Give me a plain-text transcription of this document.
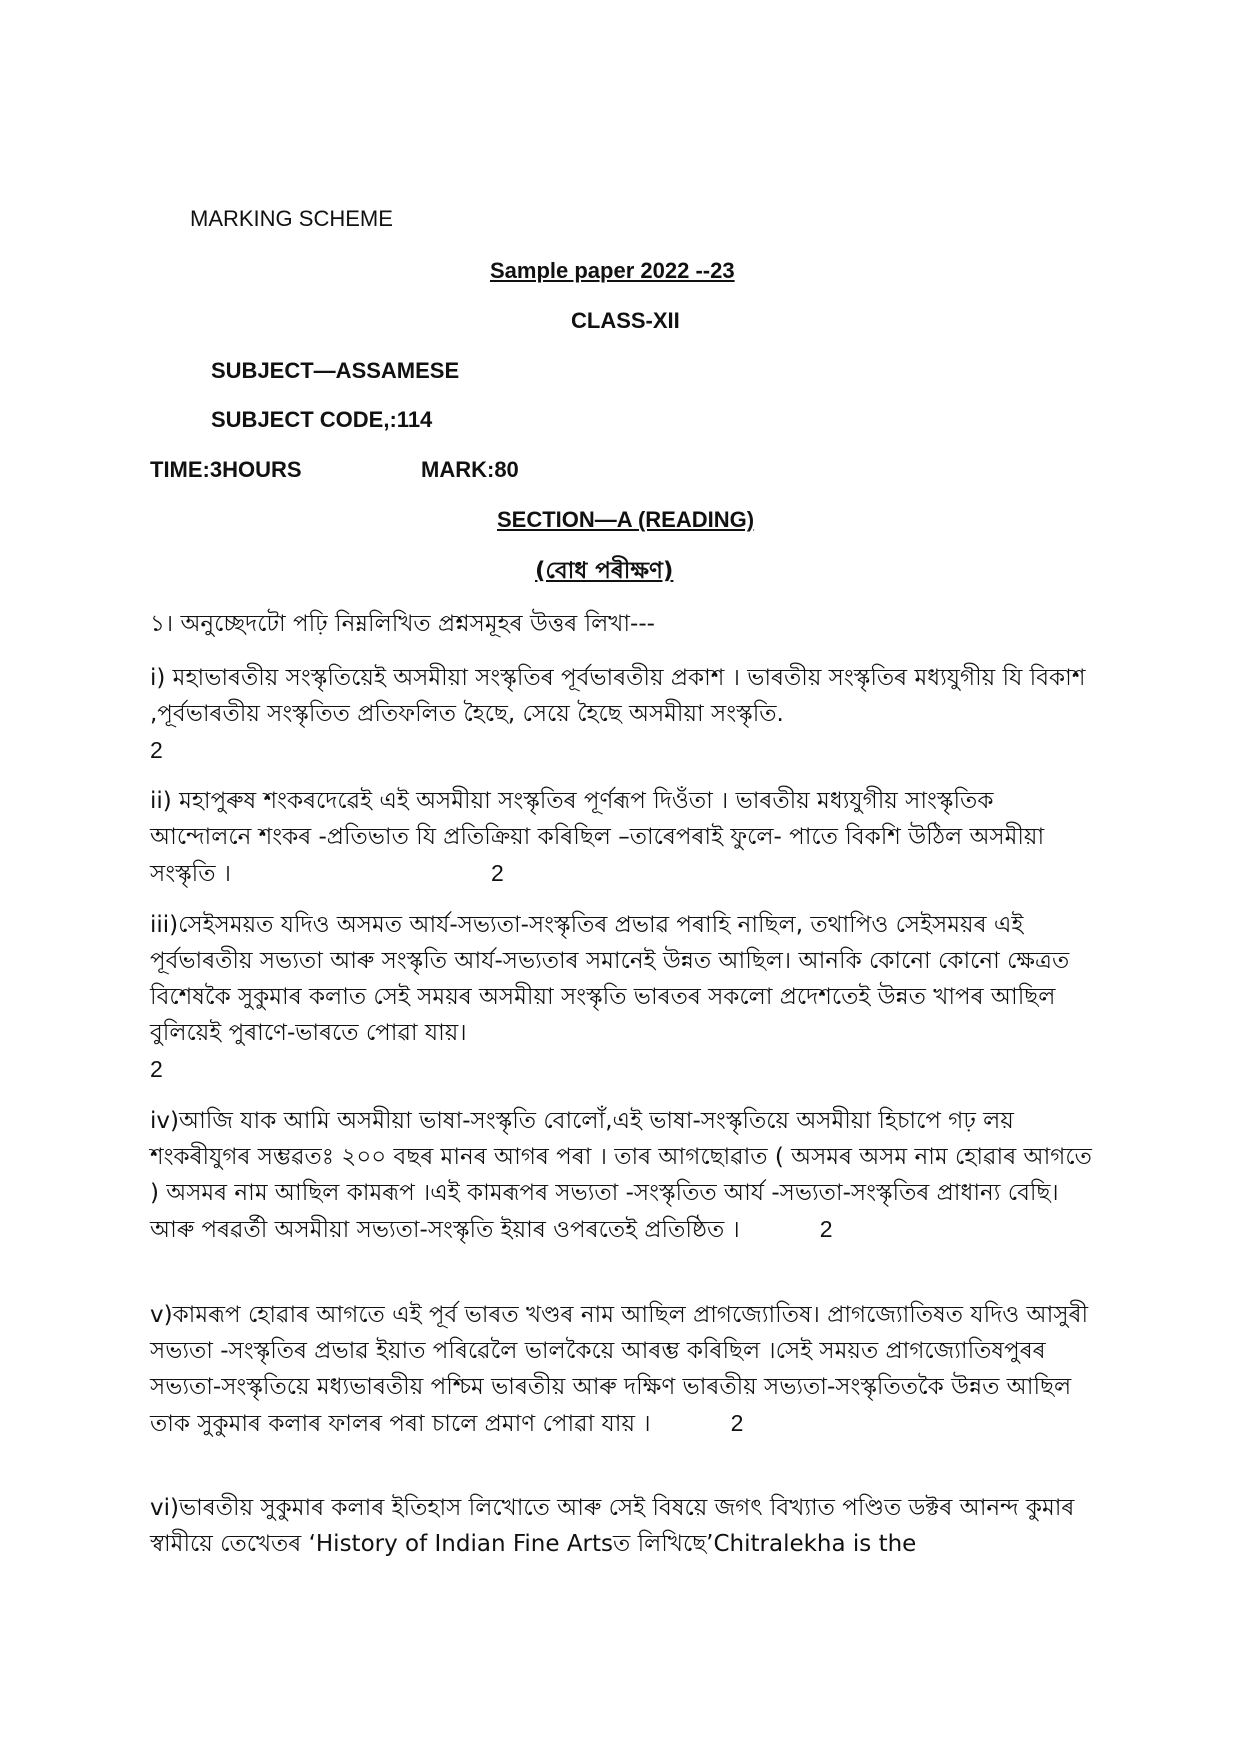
MARKING SCHEME
Sample paper 2022 --23
CLASS-XII
SUBJECT—ASSAMESE
SUBJECT CODE,:114
TIME:3HOURS	MARK:80
SECTION—A (READING)
(বোধ পৰীক্ষণ)

১। অনুচ্ছেদটো পঢ়ি নিম্নলিখিত প্ৰশ্নসমূহৰ উত্তৰ লিখা---

i) মহাভাৰতীয় সংস্কৃতিয়েই অসমীয়া সংস্কৃতিৰ পূৰ্বভাৰতীয় প্ৰকাশ । ভাৰতীয় সংস্কৃতিৰ মধ্যযুগীয় যি বিকাশ ,পূৰ্বভাৰতীয় সংস্কৃতিত প্ৰতিফলিত হৈছে, সেয়ে হৈছে অসমীয়া সংস্কৃতি.

2

ii) মহাপুৰুষ শংকৰদেৱেই এই অসমীয়া সংস্কৃতিৰ পূৰ্ণৰূপ দিওঁতা । ভাৰতীয় মধ্যযুগীয় সাংস্কৃতিক আন্দোলনে শংকৰ -প্ৰতিভাত যি প্ৰতিক্ৰিয়া কৰিছিল –তাৰেপৰাই ফুলে- পাতে বিকশি উঠিল অসমীয়া সংস্কৃতি ।	2

iii)সেইসময়ত যদিও অসমত আৰ্য-সভ্যতা-সংস্কৃতিৰ প্ৰভাৱ পৰাহি নাছিল, তথাপিও সেইসময়ৰ এই পূৰ্বভাৰতীয় সভ্যতা আৰু সংস্কৃতি আৰ্য-সভ্যতাৰ সমানেই উন্নত আছিল। আনকি কোনো কোনো ক্ষেত্ৰত বিশেষকৈ সুকুমাৰ কলাত সেই সময়ৰ অসমীয়া সংস্কৃতি ভাৰতৰ সকলো প্ৰদেশতেই উন্নত খাপৰ আছিল বুলিয়েই পুৰাণে-ভাৰতে পোৱা যায়।

2

iv)আজি যাক আমি অসমীয়া ভাষা-সংস্কৃতি বোলোঁ,এই ভাষা-সংস্কৃতিয়ে অসমীয়া হিচাপে গঢ় লয় শংকৰীযুগৰ সম্ভৱতঃ ২০০ বছৰ মানৰ আগৰ পৰা । তাৰ আগছোৱাত ( অসমৰ অসম নাম হোৱাৰ আগতে ) অসমৰ নাম আছিল কামৰূপ ।এই কামৰূপৰ সভ্যতা -সংস্কৃতিত আৰ্য -সভ্যতা-সংস্কৃতিৰ প্ৰাধান্য বেছি।আৰু পৰৱৰ্তী অসমীয়া সভ্যতা-সংস্কৃতি ইয়াৰ ওপৰতেই প্ৰতিষ্ঠিত ।	2

v)কামৰূপ হোৱাৰ আগতে এই পূৰ্ব ভাৰত খণ্ডৰ নাম আছিল প্ৰাগজ্যোতিষ। প্ৰাগজ্যোতিষত যদিও আসুৰী সভ্যতা -সংস্কৃতিৰ প্ৰভাৱ ইয়াত পৰিৱেলৈ ভালকৈয়ে আৰম্ভ কৰিছিল ।সেই সময়ত প্ৰাগজ্যোতিষপুৰৰ সভ্যতা-সংস্কৃতিয়ে মধ্যভাৰতীয় পশ্চিম ভাৰতীয় আৰু দক্ষিণ ভাৰতীয় সভ্যতা-সংস্কৃতিতকৈ উন্নত আছিল তাক সুকুমাৰ কলাৰ ফালৰ পৰা চালে প্ৰমাণ পোৱা যায় ।	2

vi)ভাৰতীয় সুকুমাৰ কলাৰ ইতিহাস লিখোতে আৰু সেই বিষয়ে জগৎ বিখ্যাত পণ্ডিত ডক্টৰ আনন্দ কুমাৰ স্বামীয়ে তেখেতৰ ‘History of Indian Fine Artsত লিখিছে’Chitralekha is the
